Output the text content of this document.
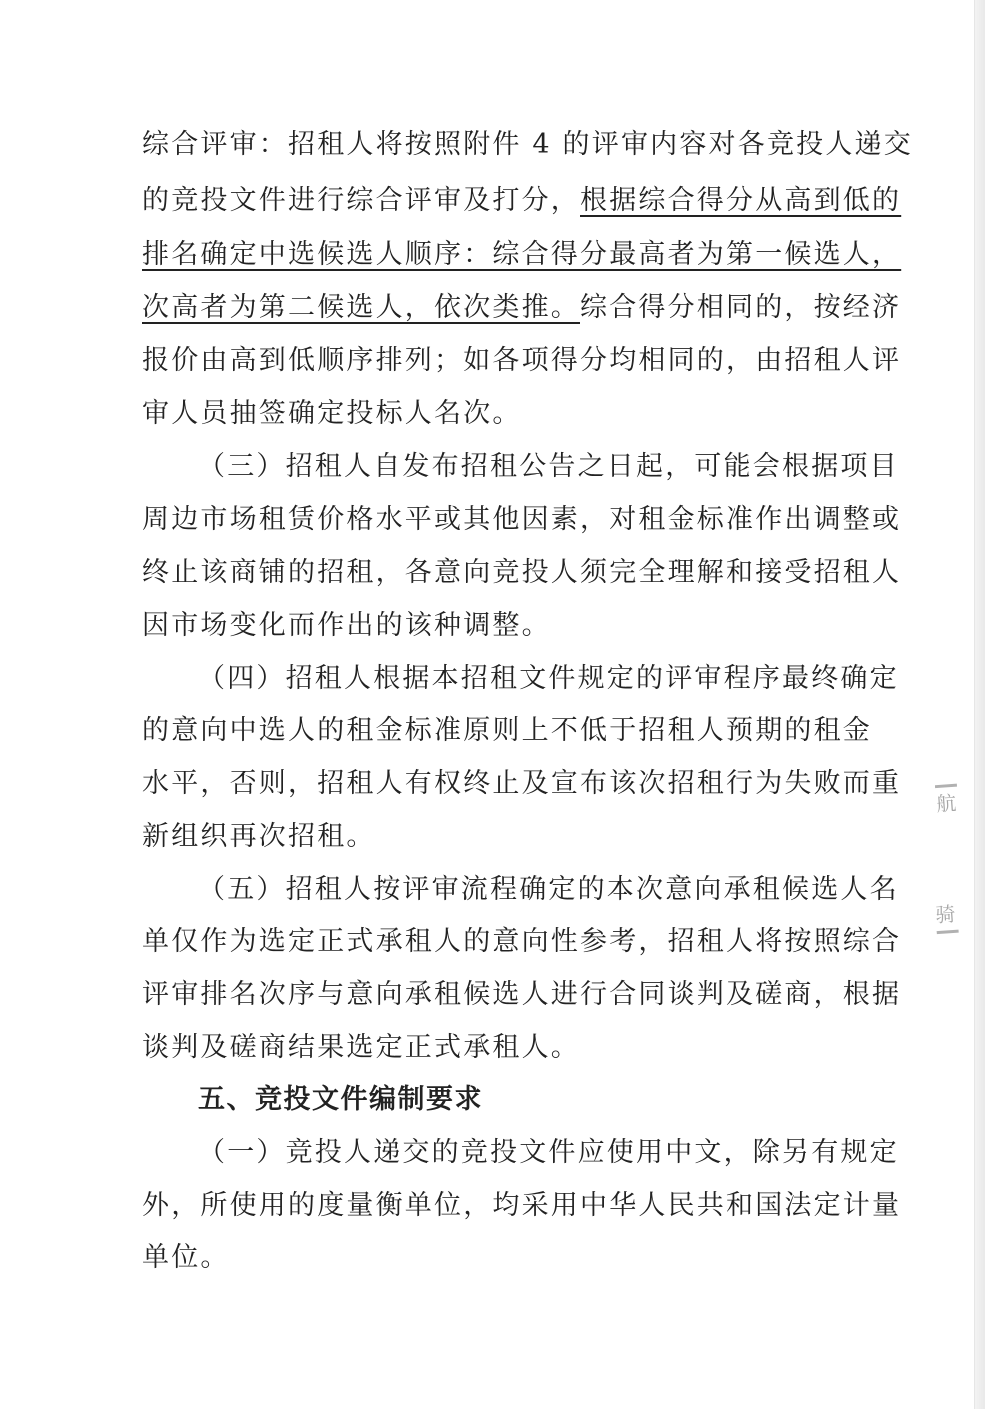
综合评审：招租人将按照附件 4 的评审内容对各竞投人递交
的竞投文件进行综合评审及打分，根据综合得分从高到低的
排名确定中选候选人顺序：综合得分最高者为第一候选人，
次高者为第二候选人，依次类推。综合得分相同的，按经济
报价由高到低顺序排列；如各项得分均相同的，由招租人评
审人员抽签确定投标人名次。
（三）招租人自发布招租公告之日起，可能会根据项目
周边市场租赁价格水平或其他因素，对租金标准作出调整或
终止该商铺的招租，各意向竞投人须完全理解和接受招租人
因市场变化而作出的该种调整。
（四）招租人根据本招租文件规定的评审程序最终确定
的意向中选人的租金标准原则上不低于招租人预期的租金
水平，否则，招租人有权终止及宣布该次招租行为失败而重
新组织再次招租。
（五）招租人按评审流程确定的本次意向承租候选人名
单仅作为选定正式承租人的意向性参考，招租人将按照综合
评审排名次序与意向承租候选人进行合同谈判及磋商，根据
谈判及磋商结果选定正式承租人。
五、竞投文件编制要求
（一）竞投人递交的竞投文件应使用中文，除另有规定
外，所使用的度量衡单位，均采用中华人民共和国法定计量
单位。
航
骑
